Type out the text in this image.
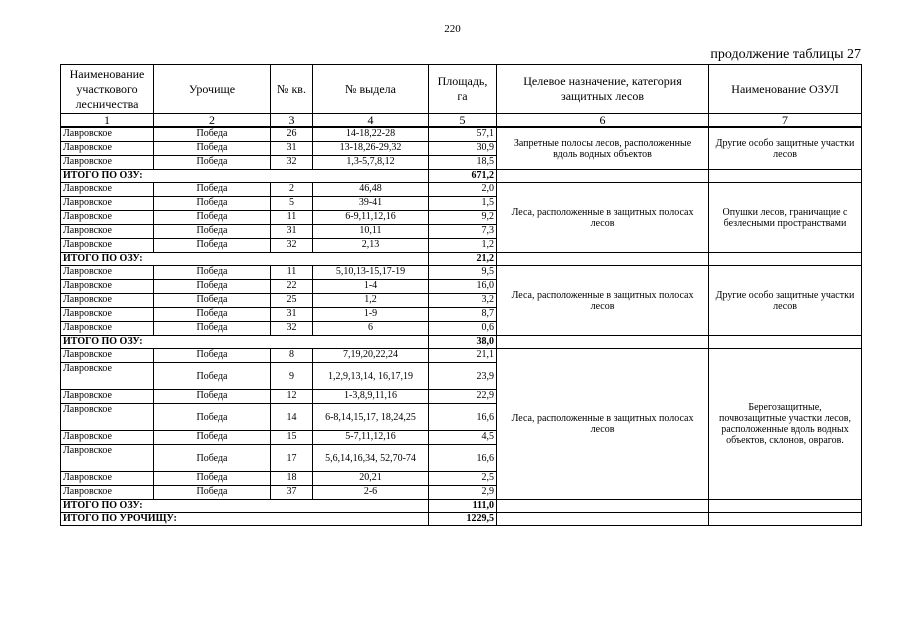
220
продолжение таблицы 27
Наименование участкового лесничества	Урочище	№ кв.	№ выдела	Площадь, га	Целевое назначение, категория защитных лесов	Наименование ОЗУЛ
1	2	3	4	5	6	7
Лавровское	Победа	26	14-18,22-28	57,1	Запретные полосы лесов, расположенные вдоль водных объектов	Другие особо защитные участки лесов
Лавровское	Победа	31	13-18,26-29,32	30,9		
Лавровское	Победа	32	1,3-5,7,8,12	18,5		
ИТОГО ПО ОЗУ:				671,2		
Лавровское	Победа	2	46,48	2,0	Леса, расположенные в защитных полосах лесов	Опушки лесов, граничащие с безлесными пространствами
Лавровское	Победа	5	39-41	1,5		
Лавровское	Победа	11	6-9,11,12,16	9,2		
Лавровское	Победа	31	10,11	7,3		
Лавровское	Победа	32	2,13	1,2		
ИТОГО ПО ОЗУ:				21,2		
Лавровское	Победа	11	5,10,13-15,17-19	9,5	Леса, расположенные в защитных полосах лесов	Другие особо защитные участки лесов
Лавровское	Победа	22	1-4	16,0		
Лавровское	Победа	25	1,2	3,2		
Лавровское	Победа	31	1-9	8,7		
Лавровское	Победа	32	6	0,6		
ИТОГО ПО ОЗУ:				38,0		
Лавровское	Победа	8	7,19,20,22,24	21,1	Леса, расположенные в защитных полосах лесов	Берегозащитные, почвозащитные участки лесов, расположенные вдоль водных объектов, склонов, оврагов.
Лавровское	Победа	9	1,2,9,13,14, 16,17,19	23,9		
Лавровское	Победа	12	1-3,8,9,11,16	22,9		
Лавровское	Победа	14	6-8,14,15,17, 18,24,25	16,6		
Лавровское	Победа	15	5-7,11,12,16	4,5		
Лавровское	Победа	17	5,6,14,16,34, 52,70-74	16,6		
Лавровское	Победа	18	20,21	2,5		
Лавровское	Победа	37	2-6	2,9		
ИТОГО ПО ОЗУ:				111,0		
ИТОГО ПО УРОЧИЩУ:				1229,5		
